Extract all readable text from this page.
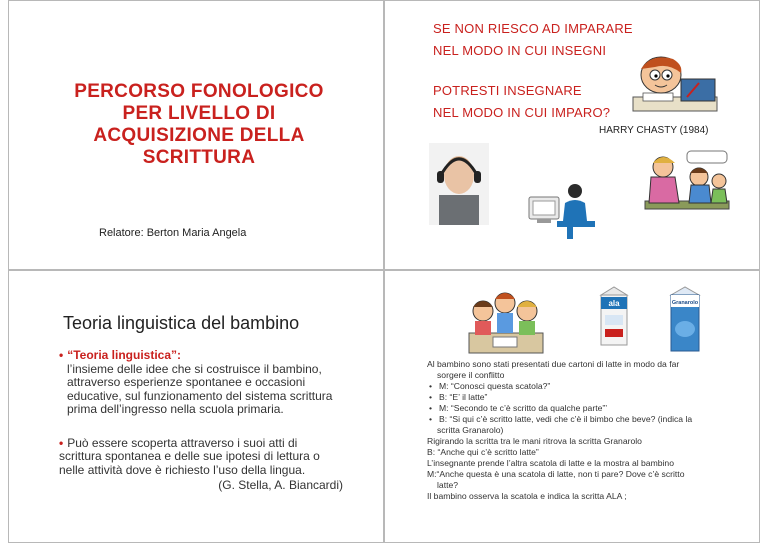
PERCORSO FONOLOGICO
PER LIVELLO DI
ACQUISIZIONE DELLA
SCRITTURA
Relatore: Berton Maria Angela
SE NON RIESCO AD IMPARARE
NEL MODO IN CUI INSEGNI
POTRESTI INSEGNARE
NEL MODO IN CUI IMPARO?
HARRY CHASTY (1984)
Teoria linguistica del bambino
• “Teoria linguistica”:
l’insieme delle idee che si costruisce il bambino, attraverso esperienze spontanee e occasioni educative, sul funzionamento del sistema scrittura prima dell’ingresso nella scuola primaria.
• Può essere scoperta attraverso i suoi atti di scrittura spontanea e delle sue ipotesi di lettura o nelle attività dove è richiesto l’uso della lingua.
(G. Stella, A. Biancardi)
ala	Granarolo
Al bambino sono stati presentati due cartoni di latte in modo da far
sorgere il conflitto
• M: “Conosci questa scatola?”
• B: “E’ il latte”
• M: “Secondo te c’è scritto da qualche parte”’
• B: “Si qui c’è scritto latte, vedi che c’è il bimbo che beve? (indica la
scritta Granarolo)
Rigirando la scritta tra le mani ritrova la scritta Granarolo
B: “Anche qui c’è scritto latte”
L’insegnante prende l’altra scatola di latte e la mostra al bambino
M:“Anche questa è una scatola di latte, non ti pare? Dove c’è scritto
latte?
Il bambino osserva la scatola e indica la scritta ALA ;
